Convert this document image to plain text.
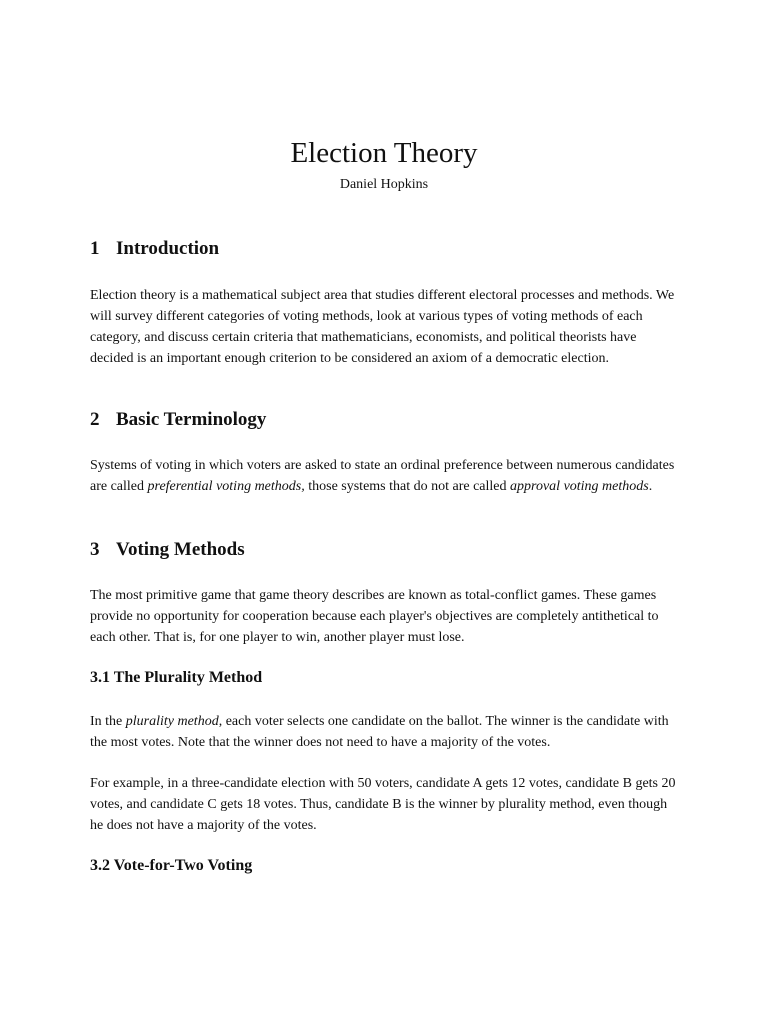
Election Theory
Daniel Hopkins
1 Introduction

Election theory is a mathematical subject area that studies different electoral processes and methods. We will survey different categories of voting methods, look at various types of voting methods of each category, and discuss certain criteria that mathematicians, economists, and political theorists have decided is an important enough criterion to be considered an axiom of a democratic election.

2 Basic Terminology

Systems of voting in which voters are asked to state an ordinal preference between numerous candidates are called preferential voting methods, those systems that do not are called approval voting methods.

3 Voting Methods

The most primitive game that game theory describes are known as total-conflict games. These games provide no opportunity for cooperation because each player's objectives are completely antithetical to each other. That is, for one player to win, another player must lose.

3.1 The Plurality Method

In the plurality method, each voter selects one candidate on the ballot. The winner is the candidate with the most votes. Note that the winner does not need to have a majority of the votes.

For example, in a three-candidate election with 50 voters, candidate A gets 12 votes, candidate B gets 20 votes, and candidate C gets 18 votes. Thus, candidate B is the winner by plurality method, even though he does not have a majority of the votes.

3.2 Vote-for-Two Voting
